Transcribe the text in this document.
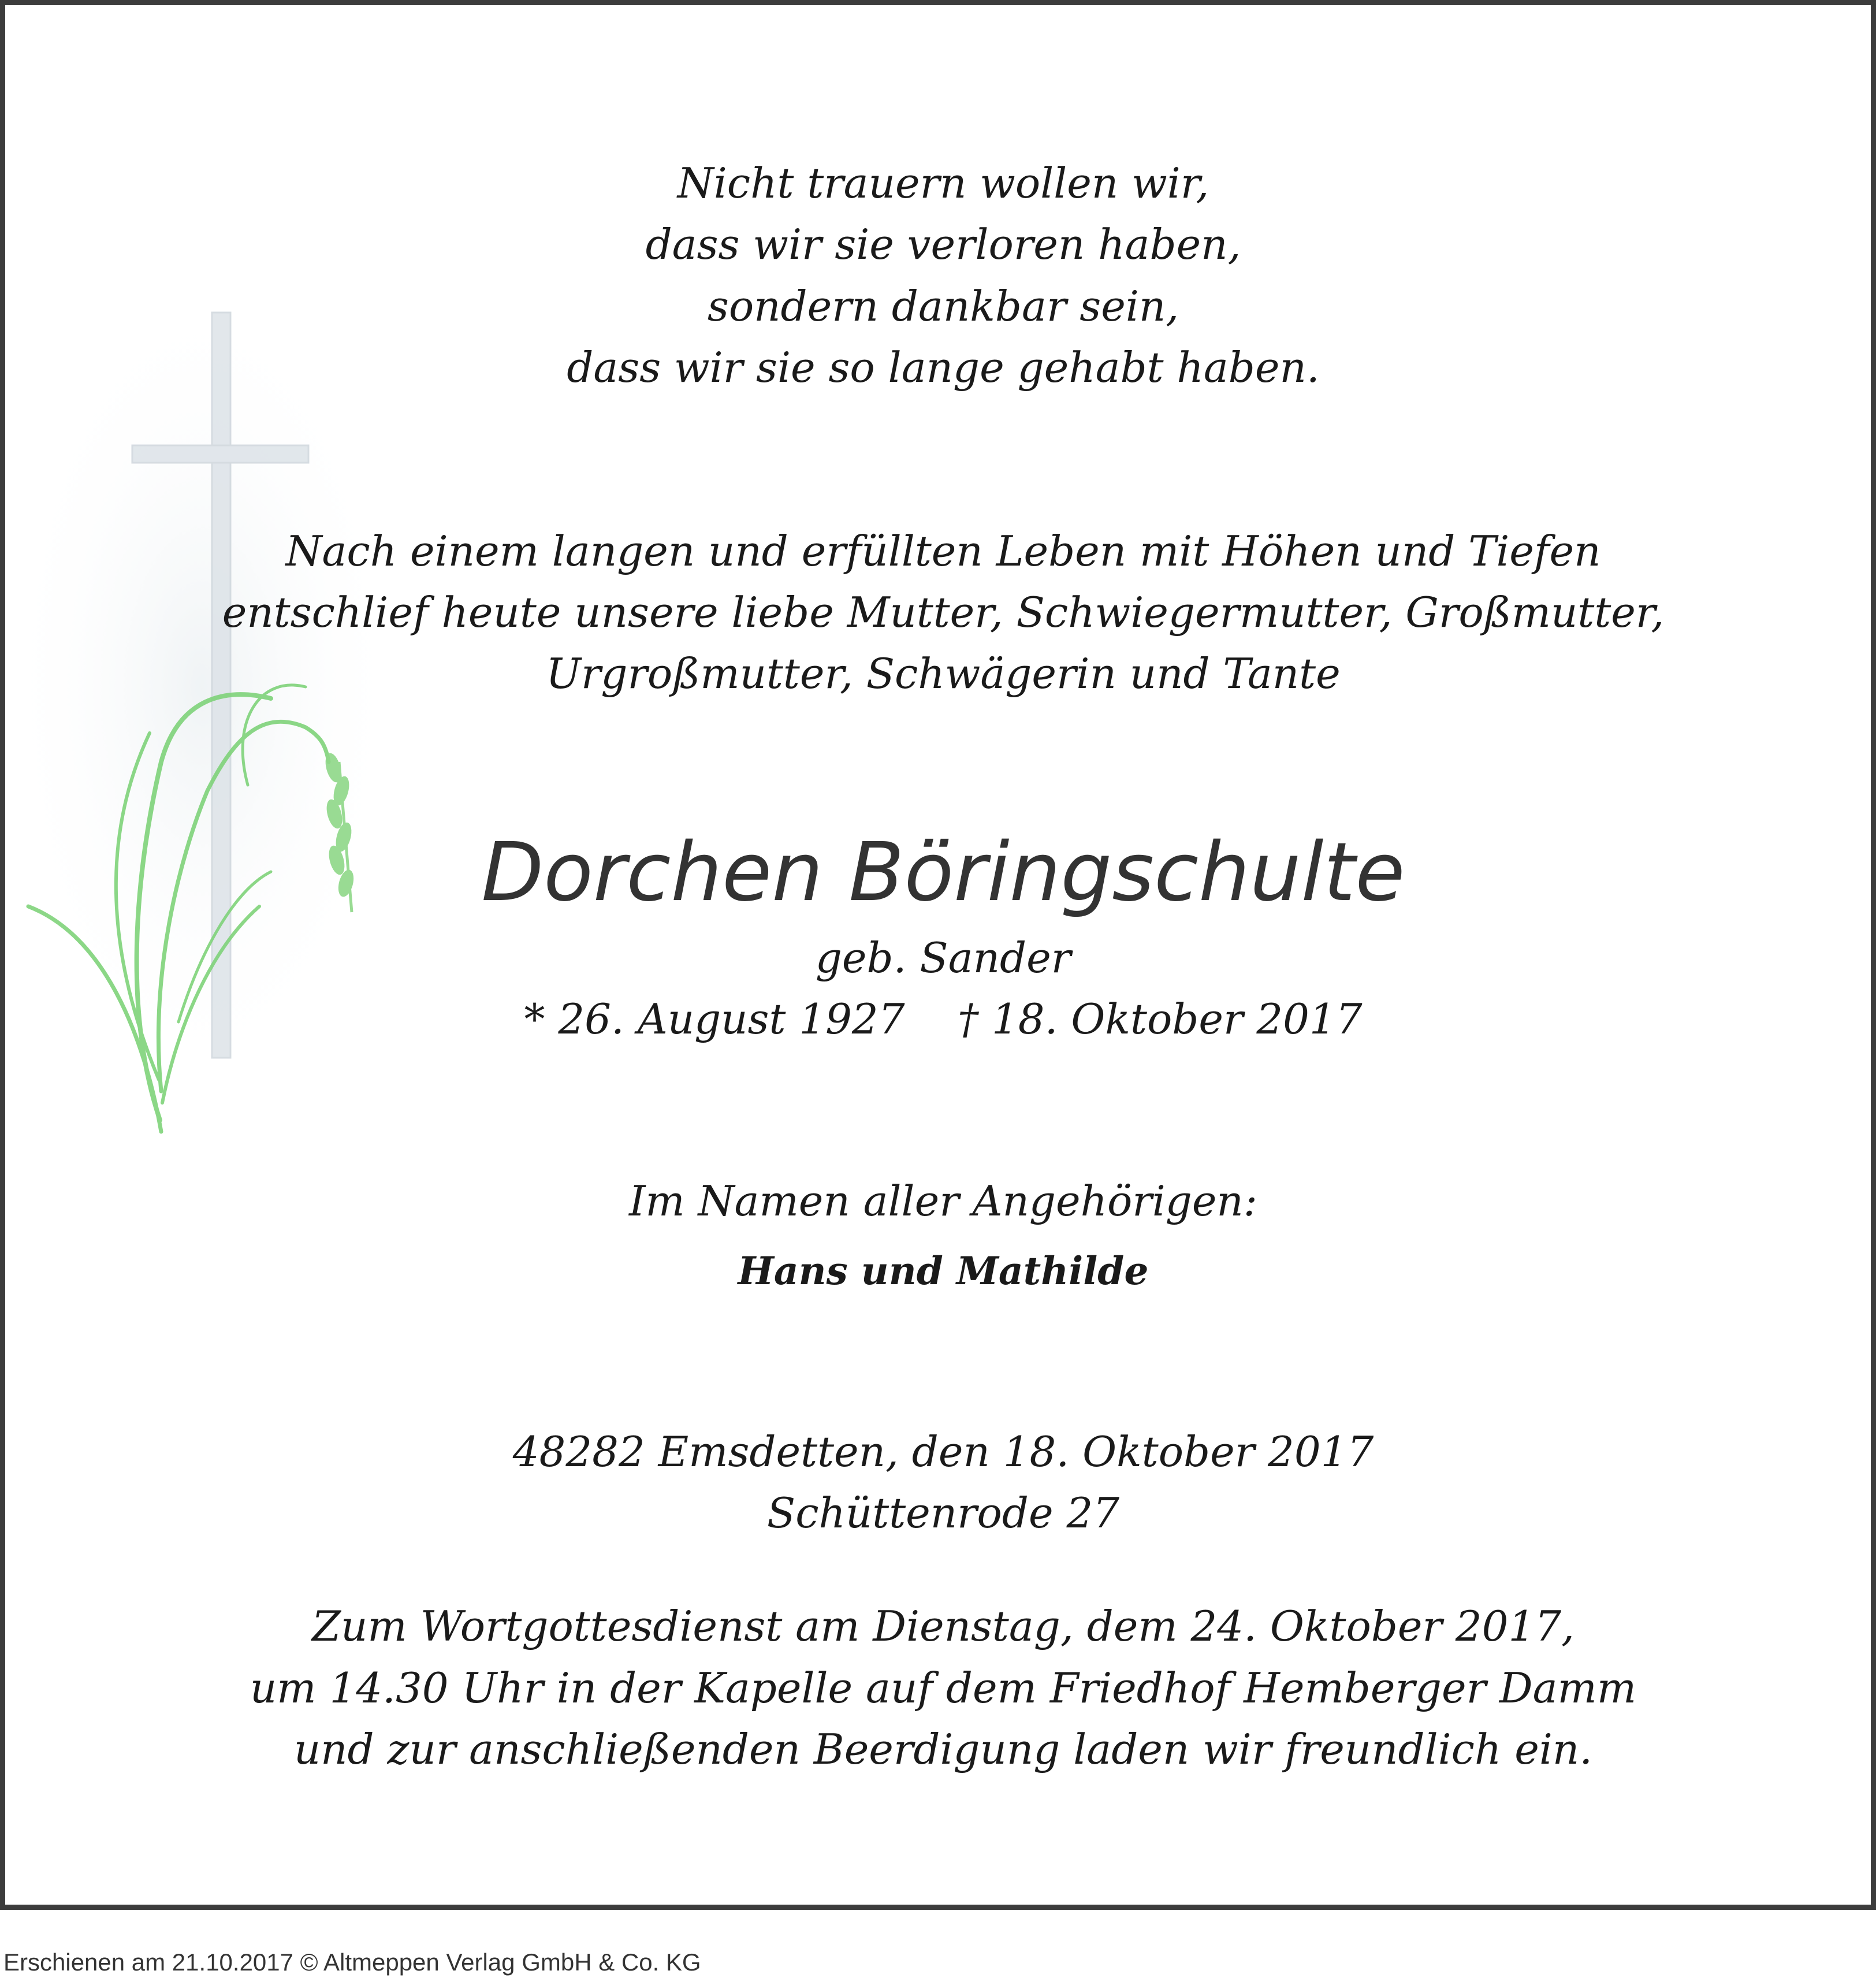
Nicht trauern wollen wir,
dass wir sie verloren haben,
sondern dankbar sein,
dass wir sie so lange gehabt haben.
Nach einem langen und erfüllten Leben mit Höhen und Tiefen
entschlief heute unsere liebe Mutter, Schwiegermutter, Großmutter,
Urgroßmutter, Schwägerin und Tante
Dorchen Böringschulte
geb. Sander
* 26. August 1927    † 18. Oktober 2017
Im Namen aller Angehörigen:
Hans und Mathilde
48282 Emsdetten, den 18. Oktober 2017
Schüttenrode 27
Zum Wortgottesdienst am Dienstag, dem 24. Oktober 2017,
um 14.30 Uhr in der Kapelle auf dem Friedhof Hemberger Damm
und zur anschließenden Beerdigung laden wir freundlich ein.
Erschienen am 21.10.2017 © Altmeppen Verlag GmbH & Co. KG
